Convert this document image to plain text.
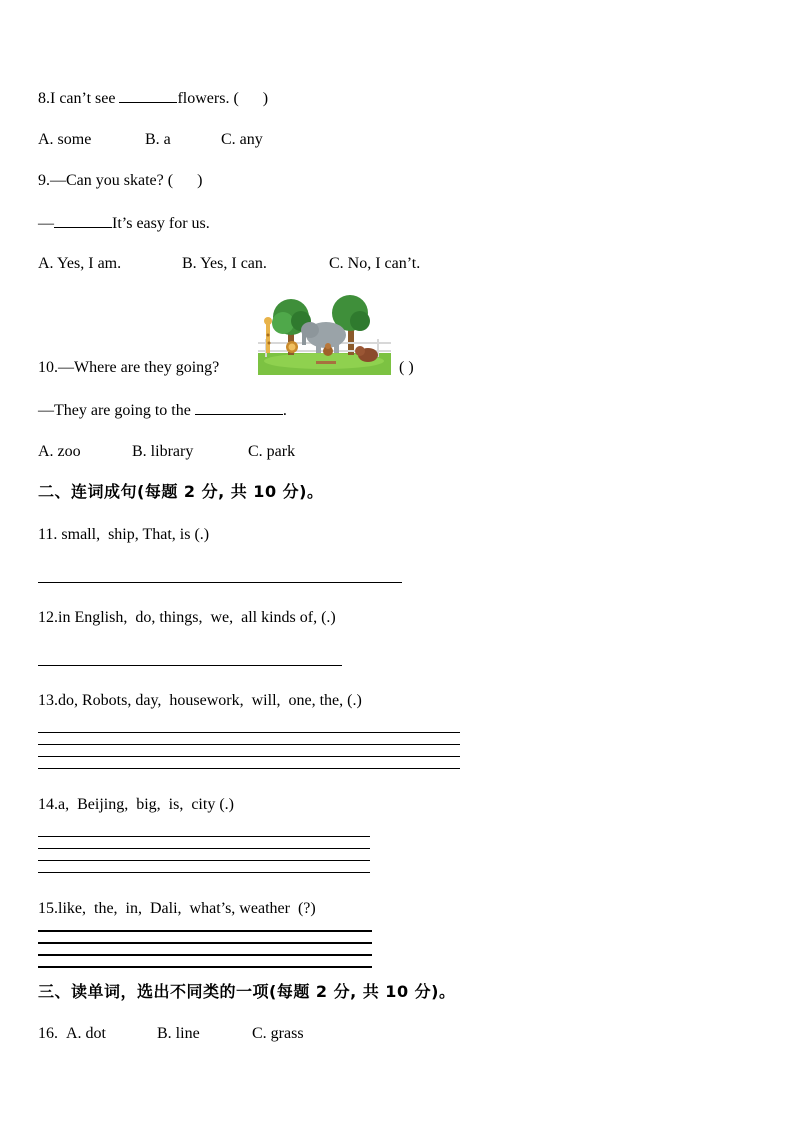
8.I can’t see	flowers. (      )
A. some	B. a	C. any
9.—Can you skate? (      )
—	It’s easy for us.
A. Yes, I am.	B. Yes, I can.	C. No, I can’t.
10.—Where are they going?	( )
—They are going to the	.
A. zoo	B. library	C. park
二、连词成句(每题 2 分, 共 10 分)。
11. small,  ship, That, is (.)
12.in English,  do, things,  we,  all kinds of, (.)
13.do, Robots, day,  housework,  will,  one, the, (.)
14.a,  Beijing,  big,  is,  city (.)
15.like,  the,  in,  Dali,  what’s, weather  (?)
三、读单词，选出不同类的一项(每题 2 分, 共 10 分)。
16. A. dot	B. line	C. grass
